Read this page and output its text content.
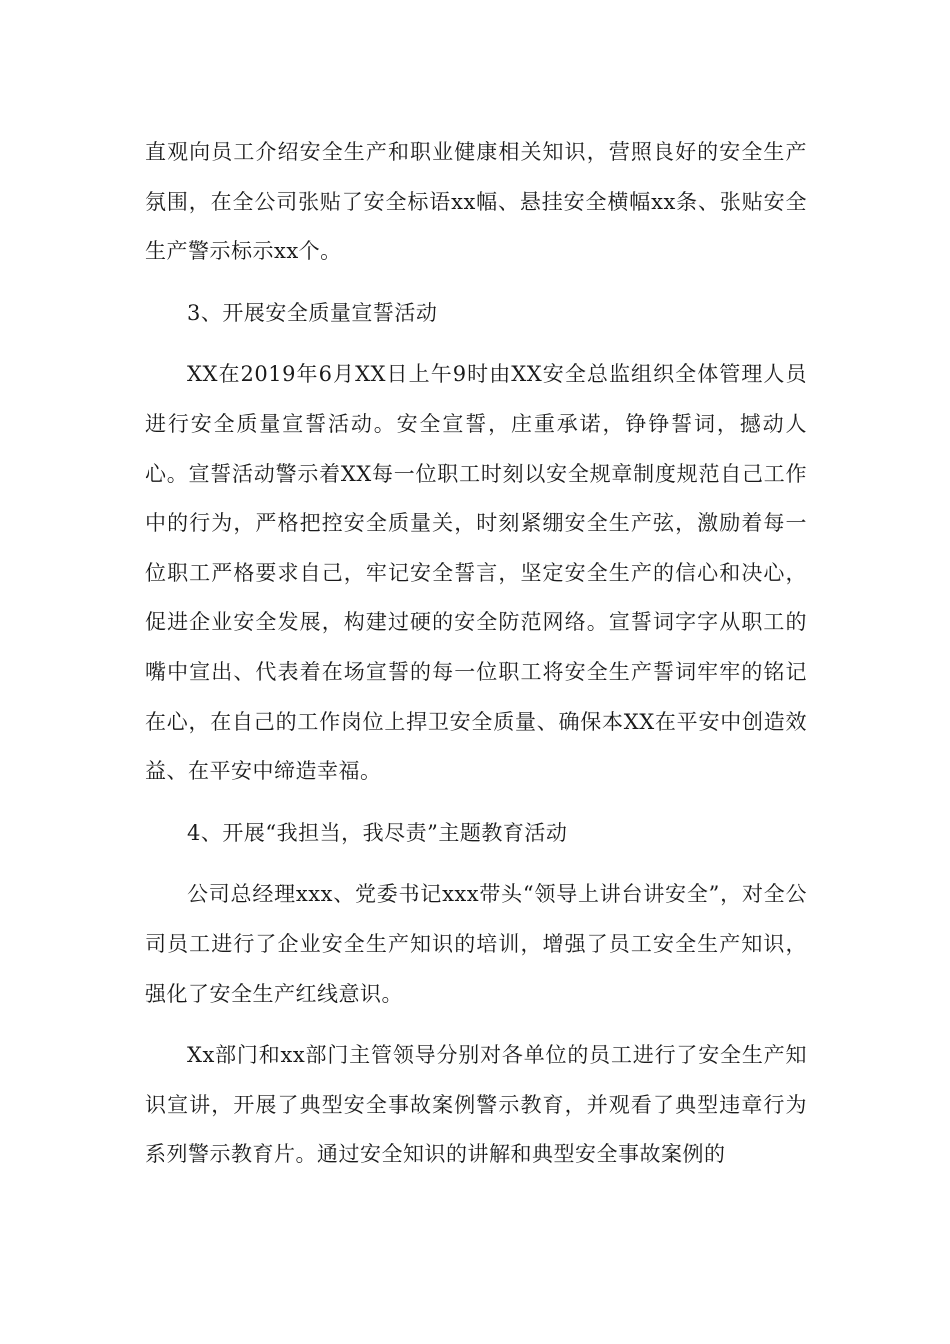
直观向员工介绍安全生产和职业健康相关知识，营照良好的安全生产氛围，在全公司张贴了安全标语xx幅、悬挂安全横幅xx条、张贴安全生产警示标示xx个。

3、开展安全质量宣誓活动

XX在2019年6月XX日上午9时由XX安全总监组织全体管理人员进行安全质量宣誓活动。安全宣誓，庄重承诺，铮铮誓词，撼动人心。宣誓活动警示着XX每一位职工时刻以安全规章制度规范自己工作中的行为，严格把控安全质量关，时刻紧绷安全生产弦，激励着每一位职工严格要求自己，牢记安全誓言，坚定安全生产的信心和决心，促进企业安全发展，构建过硬的安全防范网络。宣誓词字字从职工的嘴中宣出、代表着在场宣誓的每一位职工将安全生产誓词牢牢的铭记在心，在自己的工作岗位上捍卫安全质量、确保本XX在平安中创造效益、在平安中缔造幸福。

4、开展“我担当，我尽责”主题教育活动

公司总经理xxx、党委书记xxx带头“领导上讲台讲安全”，对全公司员工进行了企业安全生产知识的培训，增强了员工安全生产知识，强化了安全生产红线意识。

Xx部门和xx部门主管领导分别对各单位的员工进行了安全生产知识宣讲，开展了典型安全事故案例警示教育，并观看了典型违章行为系列警示教育片。通过安全知识的讲解和典型安全事故案例的
